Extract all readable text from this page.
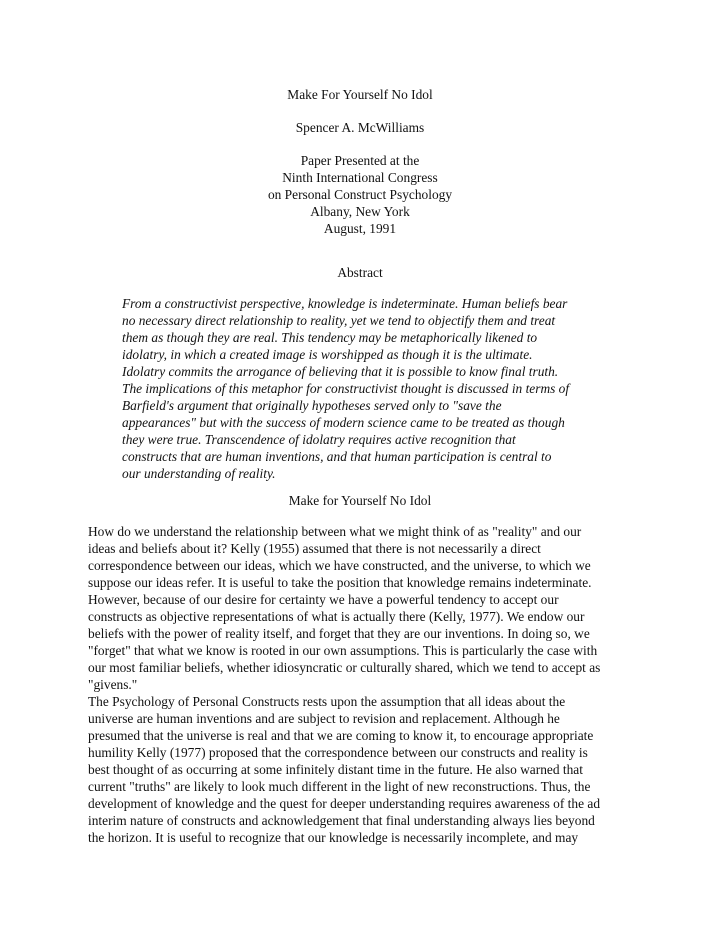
Make For Yourself No Idol
Spencer A. McWilliams
Paper Presented at the
Ninth International Congress
on Personal Construct Psychology
Albany, New York
August, 1991
Abstract
From a constructivist perspective, knowledge is indeterminate. Human beliefs bear
no necessary direct relationship to reality, yet we tend to objectify them and treat
them as though they are real. This tendency may be metaphorically likened to
idolatry, in which a created image is worshipped as though it is the ultimate.
Idolatry commits the arrogance of believing that it is possible to know final truth.
The implications of this metaphor for constructivist thought is discussed in terms of
Barfield's argument that originally hypotheses served only to "save the
appearances" but with the success of modern science came to be treated as though
they were true. Transcendence of idolatry requires active recognition that
constructs that are human inventions, and that human participation is central to
our understanding of reality.
Make for Yourself No Idol
How do we understand the relationship between what we might think of as "reality" and our
ideas and beliefs about it? Kelly (1955) assumed that there is not necessarily a direct
correspondence between our ideas, which we have constructed, and the universe, to which we
suppose our ideas refer. It is useful to take the position that knowledge remains indeterminate.
However, because of our desire for certainty we have a powerful tendency to accept our
constructs as objective representations of what is actually there (Kelly, 1977). We endow our
beliefs with the power of reality itself, and forget that they are our inventions. In doing so, we
"forget" that what we know is rooted in our own assumptions. This is particularly the case with
our most familiar beliefs, whether idiosyncratic or culturally shared, which we tend to accept as
"givens."
The Psychology of Personal Constructs rests upon the assumption that all ideas about the
universe are human inventions and are subject to revision and replacement. Although he
presumed that the universe is real and that we are coming to know it, to encourage appropriate
humility Kelly (1977) proposed that the correspondence between our constructs and reality is
best thought of as occurring at some infinitely distant time in the future. He also warned that
current "truths" are likely to look much different in the light of new reconstructions. Thus, the
development of knowledge and the quest for deeper understanding requires awareness of the ad
interim nature of constructs and acknowledgement that final understanding always lies beyond
the horizon. It is useful to recognize that our knowledge is necessarily incomplete, and may
